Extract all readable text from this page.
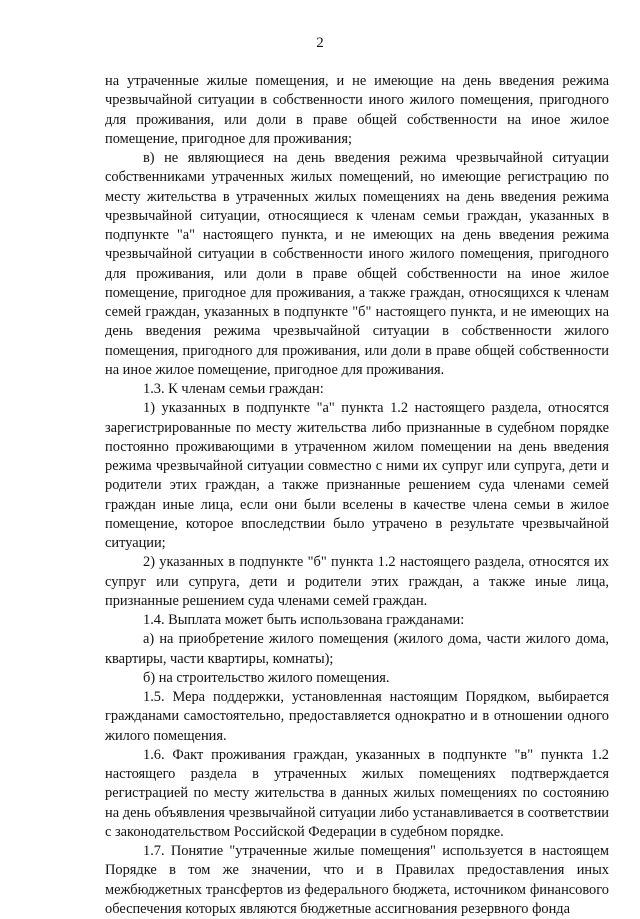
2

на утраченные жилые помещения, и не имеющие на день введения режима чрезвычайной ситуации в собственности иного жилого помещения, пригодного для проживания, или доли в праве общей собственности на иное жилое помещение, пригодное для проживания;

в) не являющиеся на день введения режима чрезвычайной ситуации собственниками утраченных жилых помещений, но имеющие регистрацию по месту жительства в утраченных жилых помещениях на день введения режима чрезвычайной ситуации, относящиеся к членам семьи граждан, указанных в подпункте "а" настоящего пункта, и не имеющих на день введения режима чрезвычайной ситуации в собственности иного жилого помещения, пригодного для проживания, или доли в праве общей собственности на иное жилое помещение, пригодное для проживания, а также граждан, относящихся к членам семей граждан, указанных в подпункте "б" настоящего пункта, и не имеющих на день введения режима чрезвычайной ситуации в собственности жилого помещения, пригодного для проживания, или доли в праве общей собственности на иное жилое помещение, пригодное для проживания.

1.3. К членам семьи граждан:

1) указанных в подпункте "а" пункта 1.2 настоящего раздела, относятся зарегистрированные по месту жительства либо признанные в судебном порядке постоянно проживающими в утраченном жилом помещении на день введения режима чрезвычайной ситуации совместно с ними их супруг или супруга, дети и родители этих граждан, а также признанные решением суда членами семей граждан иные лица, если они были вселены в качестве члена семьи в жилое помещение, которое впоследствии было утрачено в результате чрезвычайной ситуации;

2) указанных в подпункте "б" пункта 1.2 настоящего раздела, относятся их супруг или супруга, дети и родители этих граждан, а также иные лица, признанные решением суда членами семей граждан.

1.4. Выплата может быть использована гражданами:

а) на приобретение жилого помещения (жилого дома, части жилого дома, квартиры, части квартиры, комнаты);

б) на строительство жилого помещения.

1.5. Мера поддержки, установленная настоящим Порядком, выбирается гражданами самостоятельно, предоставляется однократно и в отношении одного жилого помещения.

1.6. Факт проживания граждан, указанных в подпункте "в" пункта 1.2 настоящего раздела в утраченных жилых помещениях подтверждается регистрацией по месту жительства в данных жилых помещениях по состоянию на день объявления чрезвычайной ситуации либо устанавливается в соответствии с законодательством Российской Федерации в судебном порядке.

1.7. Понятие "утраченные жилые помещения" используется в настоящем Порядке в том же значении, что и в Правилах предоставления иных межбюджетных трансфертов из федерального бюджета, источником финансового обеспечения которых являются бюджетные ассигнования резервного фонда
